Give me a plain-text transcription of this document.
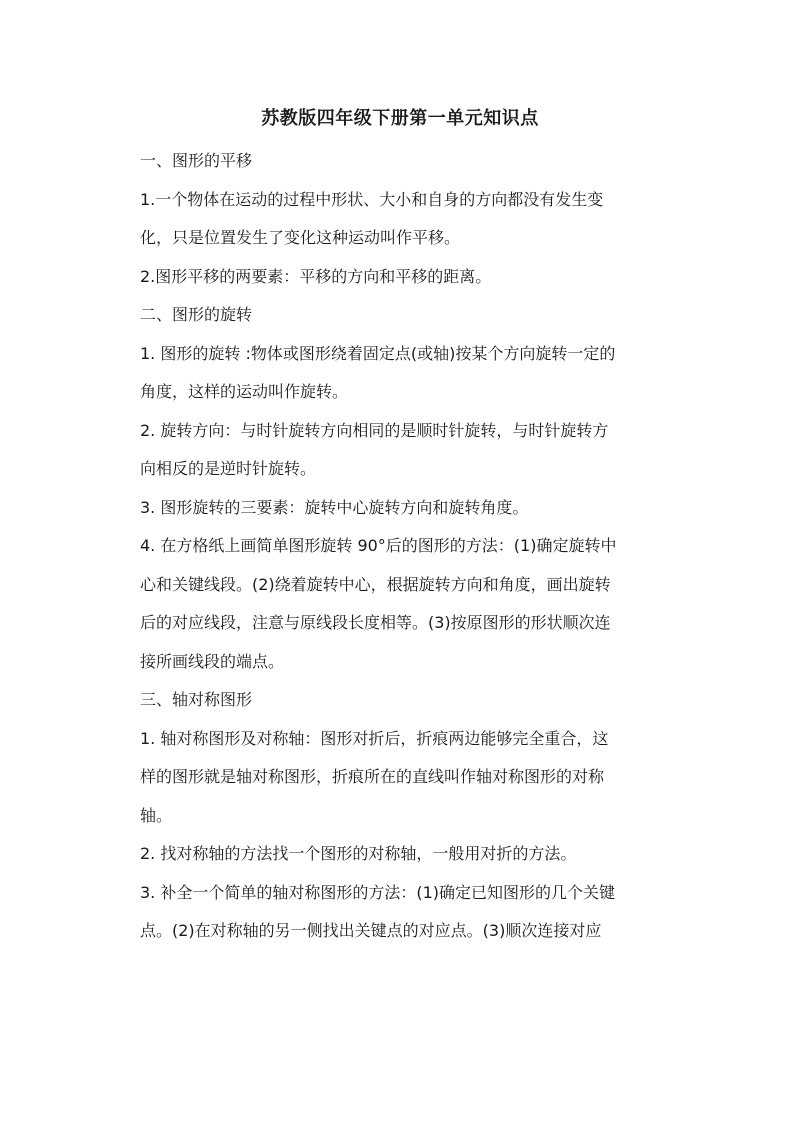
苏教版四年级下册第一单元知识点
一、图形的平移
1.一个物体在运动的过程中形状、大小和自身的方向都没有发生变
化，只是位置发生了变化这种运动叫作平移。
2.图形平移的两要素：平移的方向和平移的距离。
二、图形的旋转
1. 图形的旋转 :物体或图形绕着固定点(或轴)按某个方向旋转一定的
角度，这样的运动叫作旋转。
2. 旋转方向：与时针旋转方向相同的是顺时针旋转，与时针旋转方
向相反的是逆时针旋转。
3. 图形旋转的三要素：旋转中心旋转方向和旋转角度。
4. 在方格纸上画简单图形旋转 90°后的图形的方法：(1)确定旋转中
心和关键线段。(2)绕着旋转中心，根据旋转方向和角度，画出旋转
后的对应线段，注意与原线段长度相等。(3)按原图形的形状顺次连
接所画线段的端点。
三、轴对称图形
1. 轴对称图形及对称轴：图形对折后，折痕两边能够完全重合，这
样的图形就是轴对称图形，折痕所在的直线叫作轴对称图形的对称
轴。
2. 找对称轴的方法找一个图形的对称轴，一般用对折的方法。
3. 补全一个简单的轴对称图形的方法：(1)确定已知图形的几个关键
点。(2)在对称轴的另一侧找出关键点的对应点。(3)顺次连接对应
